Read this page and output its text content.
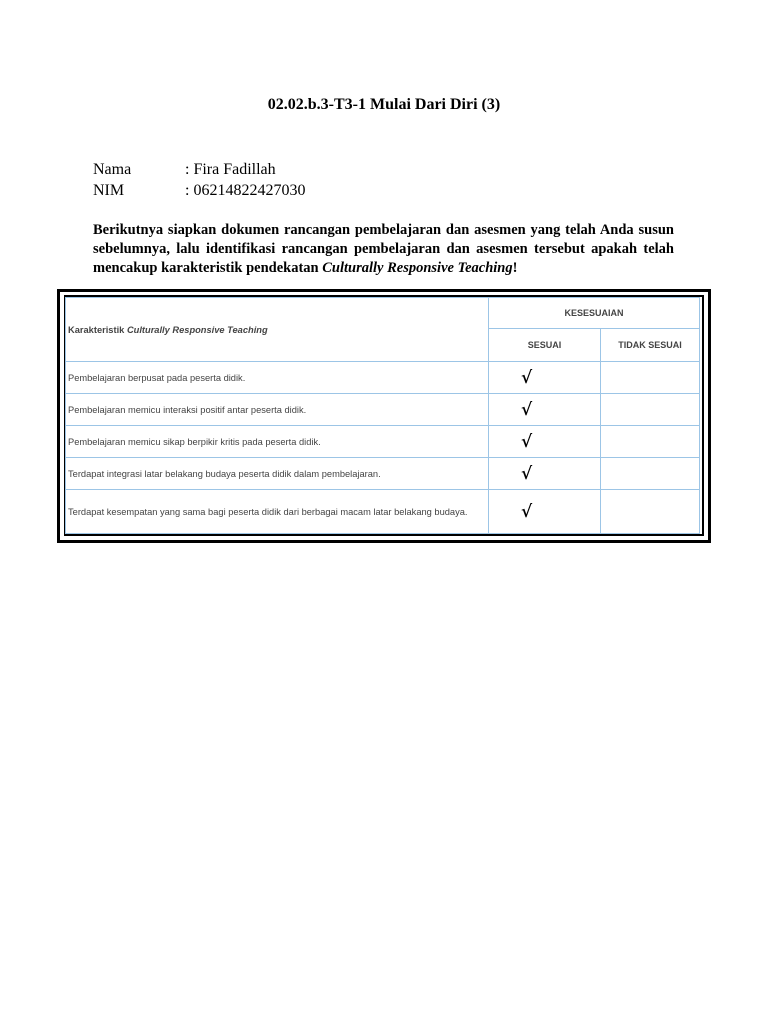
02.02.b.3-T3-1 Mulai Dari Diri (3)
Nama	: Fira Fadillah
NIM	: 06214822427030
Berikutnya siapkan dokumen rancangan pembelajaran dan asesmen yang telah Anda susun sebelumnya, lalu identifikasi rancangan pembelajaran dan asesmen tersebut apakah telah mencakup karakteristik pendekatan Culturally Responsive Teaching!
Karakteristik Culturally Responsive Teaching	KESESUAIAN	
	SESUAI	TIDAK SESUAI
Pembelajaran berpusat pada peserta didik.	√	
Pembelajaran memicu interaksi positif antar peserta didik.	√	
Pembelajaran memicu sikap berpikir kritis pada peserta didik.	√	
Terdapat integrasi latar belakang budaya peserta didik dalam pembelajaran.	√	
Terdapat kesempatan yang sama bagi peserta didik dari berbagai macam latar belakang budaya.	√	
